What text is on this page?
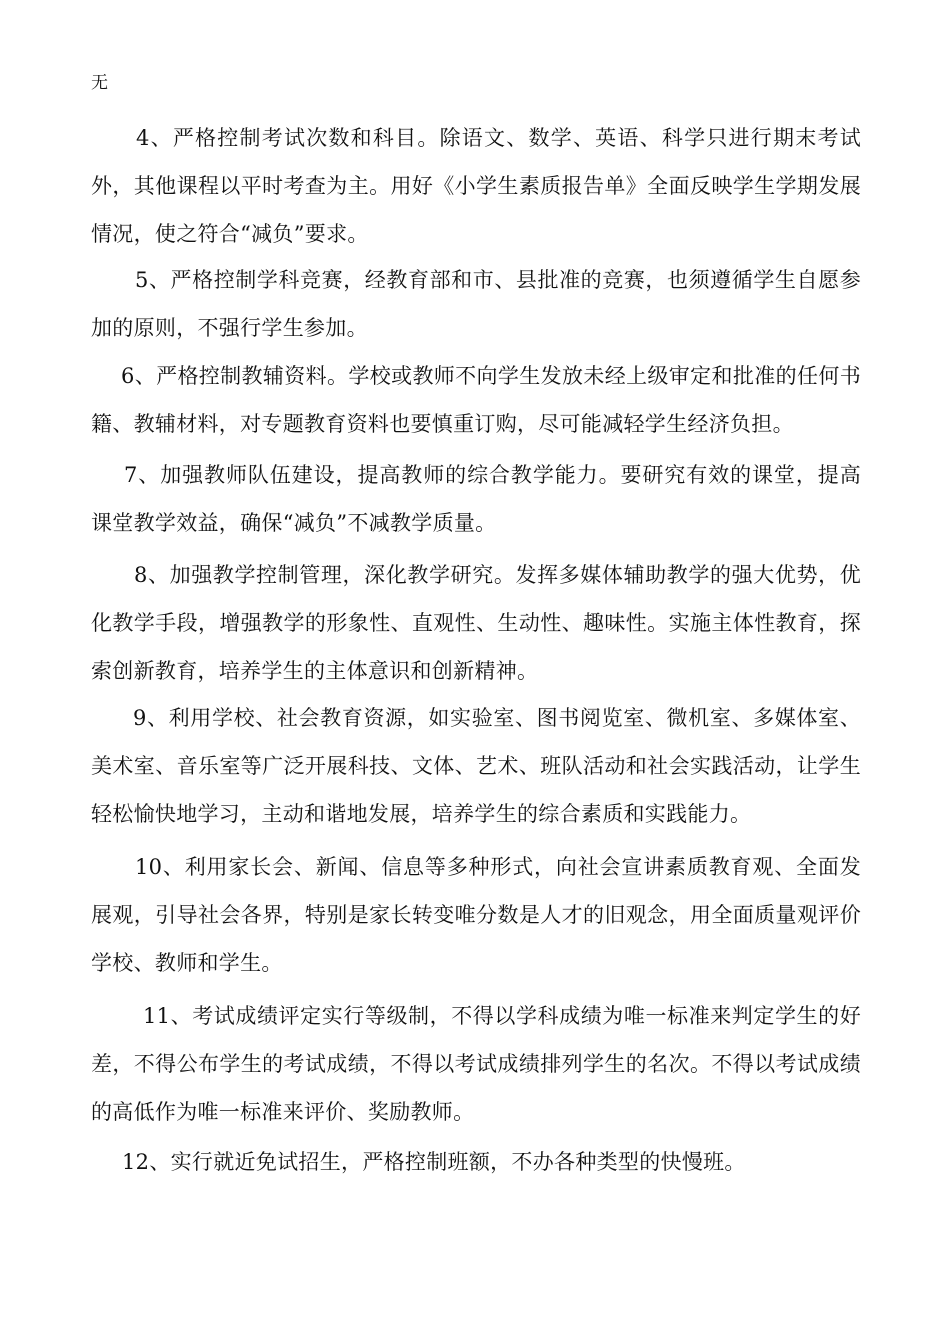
无

4、严格控制考试次数和科目。除语文、数学、英语、科学只进行期末考试外，其他课程以平时考查为主。用好《小学生素质报告单》全面反映学生学期发展情况，使之符合“减负”要求。

5、严格控制学科竞赛，经教育部和市、县批准的竞赛，也须遵循学生自愿参加的原则，不强行学生参加。

6、严格控制教辅资料。学校或教师不向学生发放未经上级审定和批准的任何书籍、教辅材料，对专题教育资料也要慎重订购，尽可能减轻学生经济负担。

7、加强教师队伍建设，提高教师的综合教学能力。要研究有效的课堂，提高课堂教学效益，确保“减负”不减教学质量。

8、加强教学控制管理，深化教学研究。发挥多媒体辅助教学的强大优势，优化教学手段，增强教学的形象性、直观性、生动性、趣味性。实施主体性教育，探索创新教育，培养学生的主体意识和创新精神。

9、利用学校、社会教育资源，如实验室、图书阅览室、微机室、多媒体室、美术室、音乐室等广泛开展科技、文体、艺术、班队活动和社会实践活动，让学生轻松愉快地学习，主动和谐地发展，培养学生的综合素质和实践能力。

10、利用家长会、新闻、信息等多种形式，向社会宣讲素质教育观、全面发展观，引导社会各界，特别是家长转变唯分数是人才的旧观念，用全面质量观评价学校、教师和学生。

11、考试成绩评定实行等级制，不得以学科成绩为唯一标准来判定学生的好差，不得公布学生的考试成绩，不得以考试成绩排列学生的名次。不得以考试成绩的高低作为唯一标准来评价、奖励教师。

12、实行就近免试招生，严格控制班额，不办各种类型的快慢班。
